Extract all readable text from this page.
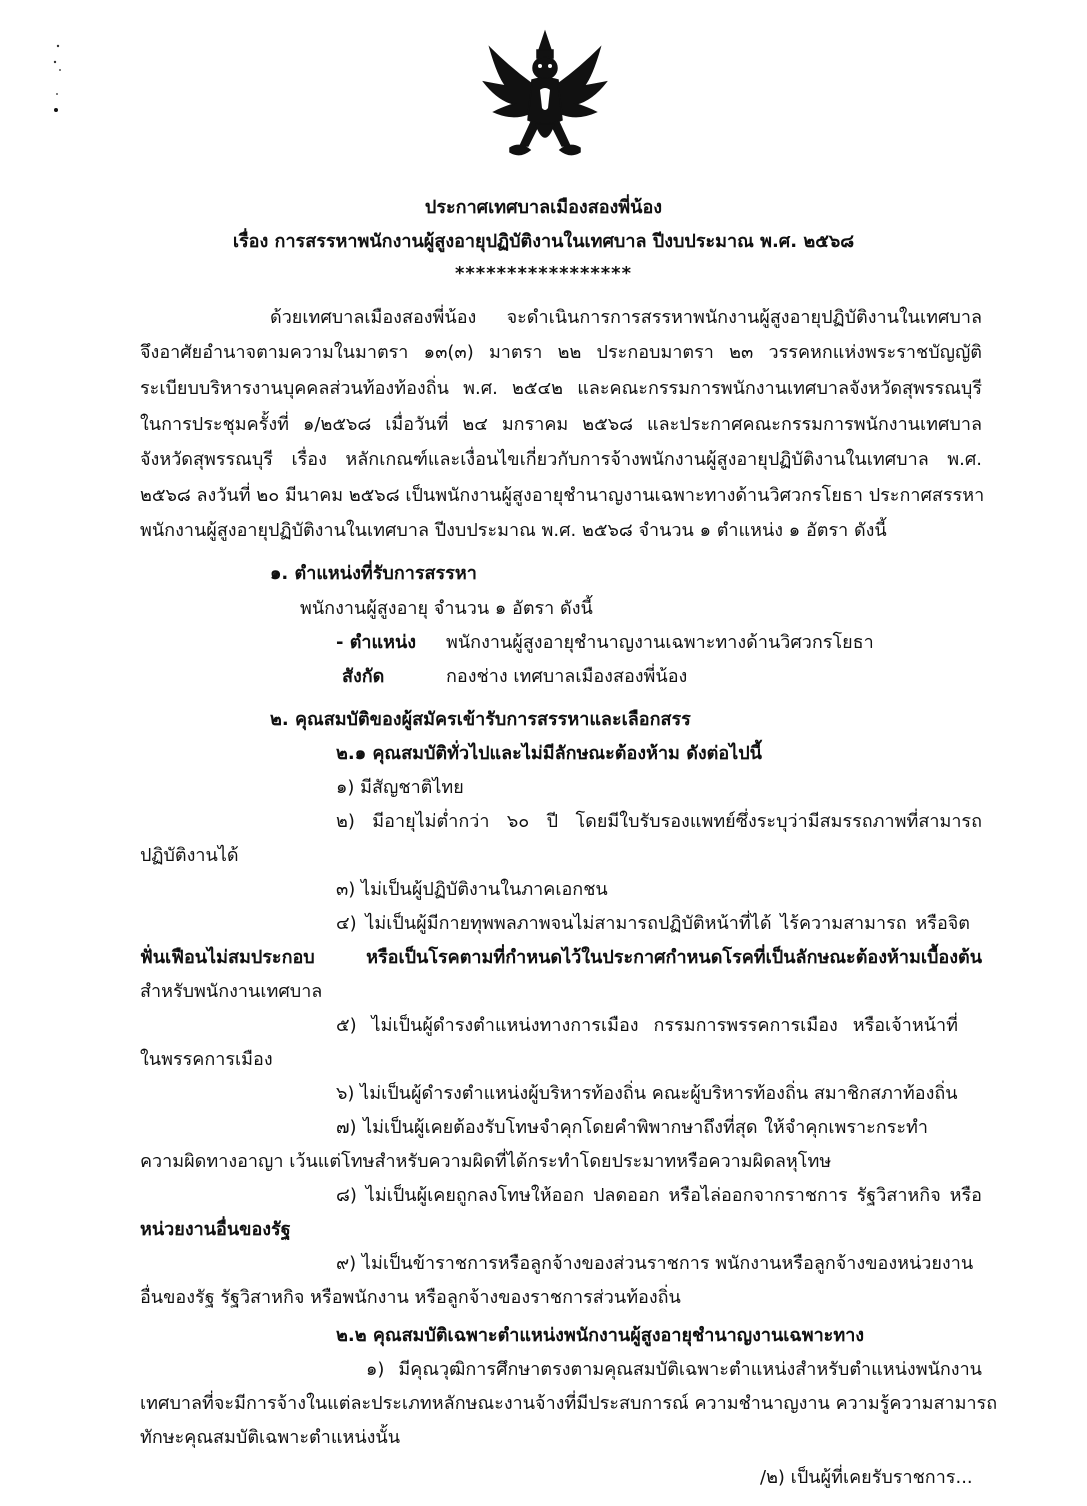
ประกาศเทศบาลเมืองสองพี่น้อง
เรื่อง การสรรหาพนักงานผู้สูงอายุปฏิบัติงานในเทศบาล ปีงบประมาณ พ.ศ. ๒๕๖๘
*****************
ด้วยเทศบาลเมืองสองพี่น้อง จะดำเนินการการสรรหาพนักงานผู้สูงอายุปฏิบัติงานในเทศบาล
จึงอาศัยอำนาจตามความในมาตรา ๑๓(๓) มาตรา ๒๒ ประกอบมาตรา ๒๓ วรรคหกแห่งพระราชบัญญัติ
ระเบียบบริหารงานบุคคลส่วนท้องท้องถิ่น พ.ศ. ๒๕๔๒ และคณะกรรมการพนักงานเทศบาลจังหวัดสุพรรณบุรี
ในการประชุมครั้งที่ ๑/๒๕๖๘ เมื่อวันที่ ๒๔ มกราคม ๒๕๖๘ และประกาศคณะกรรมการพนักงานเทศบาล
จังหวัดสุพรรณบุรี เรื่อง หลักเกณฑ์และเงื่อนไขเกี่ยวกับการจ้างพนักงานผู้สูงอายุปฏิบัติงานในเทศบาล พ.ศ.
๒๕๖๘ ลงวันที่ ๒๐ มีนาคม ๒๕๖๘ เป็นพนักงานผู้สูงอายุชำนาญงานเฉพาะทางด้านวิศวกรโยธา ประกาศสรรหา
พนักงานผู้สูงอายุปฏิบัติงานในเทศบาล ปีงบประมาณ พ.ศ. ๒๕๖๘ จำนวน ๑ ตำแหน่ง ๑ อัตรา ดังนี้
๑. ตำแหน่งที่รับการสรรหา
พนักงานผู้สูงอายุ จำนวน ๑ อัตรา ดังนี้
- ตำแหน่ง พนักงานผู้สูงอายุชำนาญงานเฉพาะทางด้านวิศวกรโยธา
สังกัด	กองช่าง เทศบาลเมืองสองพี่น้อง
๒. คุณสมบัติของผู้สมัครเข้ารับการสรรหาและเลือกสรร
๒.๑ คุณสมบัติทั่วไปและไม่มีลักษณะต้องห้าม ดังต่อไปนี้
๑) มีสัญชาติไทย
๒) มีอายุไม่ต่ำกว่า ๖๐ ปี โดยมีใบรับรองแพทย์ซึ่งระบุว่ามีสมรรถภาพที่สามารถ
ปฏิบัติงานได้
๓) ไม่เป็นผู้ปฏิบัติงานในภาคเอกชน
๔) ไม่เป็นผู้มีกายทุพพลภาพจนไม่สามารถปฏิบัติหน้าที่ได้ ไร้ความสามารถ หรือจิต
ฟั่นเฟือนไม่สมประกอบ หรือเป็นโรคตามที่กำหนดไว้ในประกาศกำหนดโรคที่เป็นลักษณะต้องห้ามเบื้องต้น
สำหรับพนักงานเทศบาล
๕) ไม่เป็นผู้ดำรงตำแหน่งทางการเมือง กรรมการพรรคการเมือง หรือเจ้าหน้าที่
ในพรรคการเมือง
๖) ไม่เป็นผู้ดำรงตำแหน่งผู้บริหารท้องถิ่น คณะผู้บริหารท้องถิ่น สมาชิกสภาท้องถิ่น
๗) ไม่เป็นผู้เคยต้องรับโทษจำคุกโดยคำพิพากษาถึงที่สุด ให้จำคุกเพราะกระทำ
ความผิดทางอาญา เว้นแต่โทษสำหรับความผิดที่ได้กระทำโดยประมาทหรือความผิดลหุโทษ
๘) ไม่เป็นผู้เคยถูกลงโทษให้ออก ปลดออก หรือไล่ออกจากราชการ รัฐวิสาหกิจ หรือ
หน่วยงานอื่นของรัฐ
๙) ไม่เป็นข้าราชการหรือลูกจ้างของส่วนราชการ พนักงานหรือลูกจ้างของหน่วยงาน
อื่นของรัฐ รัฐวิสาหกิจ หรือพนักงาน หรือลูกจ้างของราชการส่วนท้องถิ่น
๒.๒ คุณสมบัติเฉพาะตำแหน่งพนักงานผู้สูงอายุชำนาญงานเฉพาะทาง
๑) มีคุณวุฒิการศึกษาตรงตามคุณสมบัติเฉพาะตำแหน่งสำหรับตำแหน่งพนักงาน
เทศบาลที่จะมีการจ้างในแต่ละประเภทหลักษณะงานจ้างที่มีประสบการณ์ ความชำนาญงาน ความรู้ความสามารถ
ทักษะคุณสมบัติเฉพาะตำแหน่งนั้น
/๒) เป็นผู้ที่เคยรับราชการ...
